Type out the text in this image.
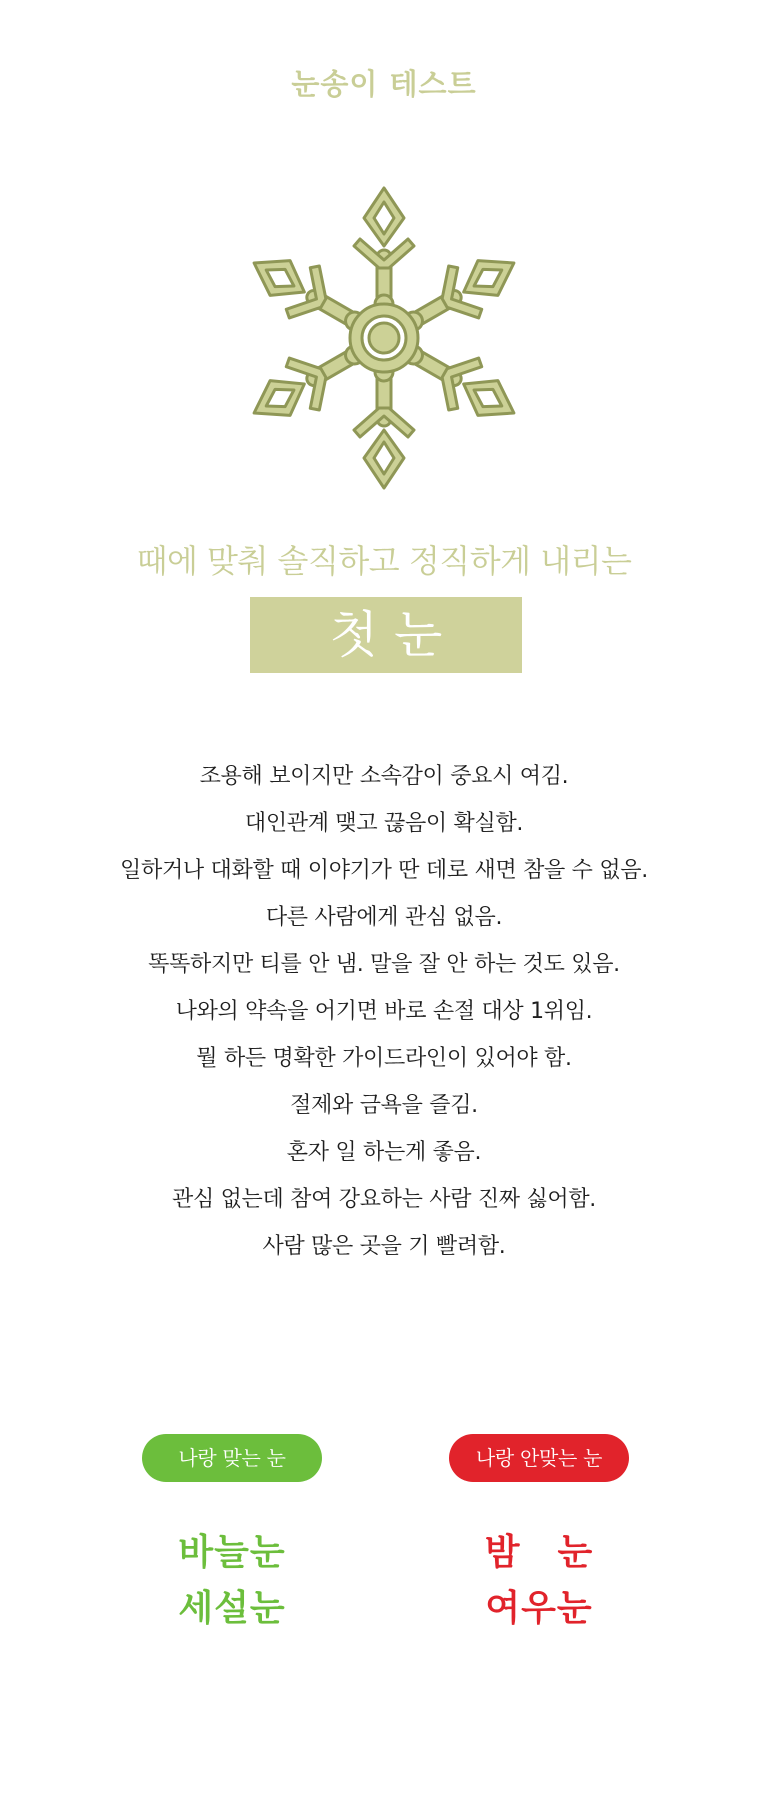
눈송이 테스트
때에 맞춰 솔직하고 정직하게 내리는
첫눈
조용해 보이지만 소속감이 중요시 여김.
대인관계 맺고 끊음이 확실함.
일하거나 대화할 때 이야기가 딴 데로 새면 참을 수 없음.
다른 사람에게 관심 없음.
똑똑하지만 티를 안 냄. 말을 잘 안 하는 것도 있음.
나와의 약속을 어기면 바로 손절 대상 1위임.
뭘 하든 명확한 가이드라인이 있어야 함.
절제와 금욕을 즐김.
혼자 일 하는게 좋음.
관심 없는데 참여 강요하는 사람 진짜 싫어함.
사람 많은 곳을 기 빨려함.
나랑 맞는 눈
바늘눈
세설눈
나랑 안맞는 눈
밤　눈
여우눈
